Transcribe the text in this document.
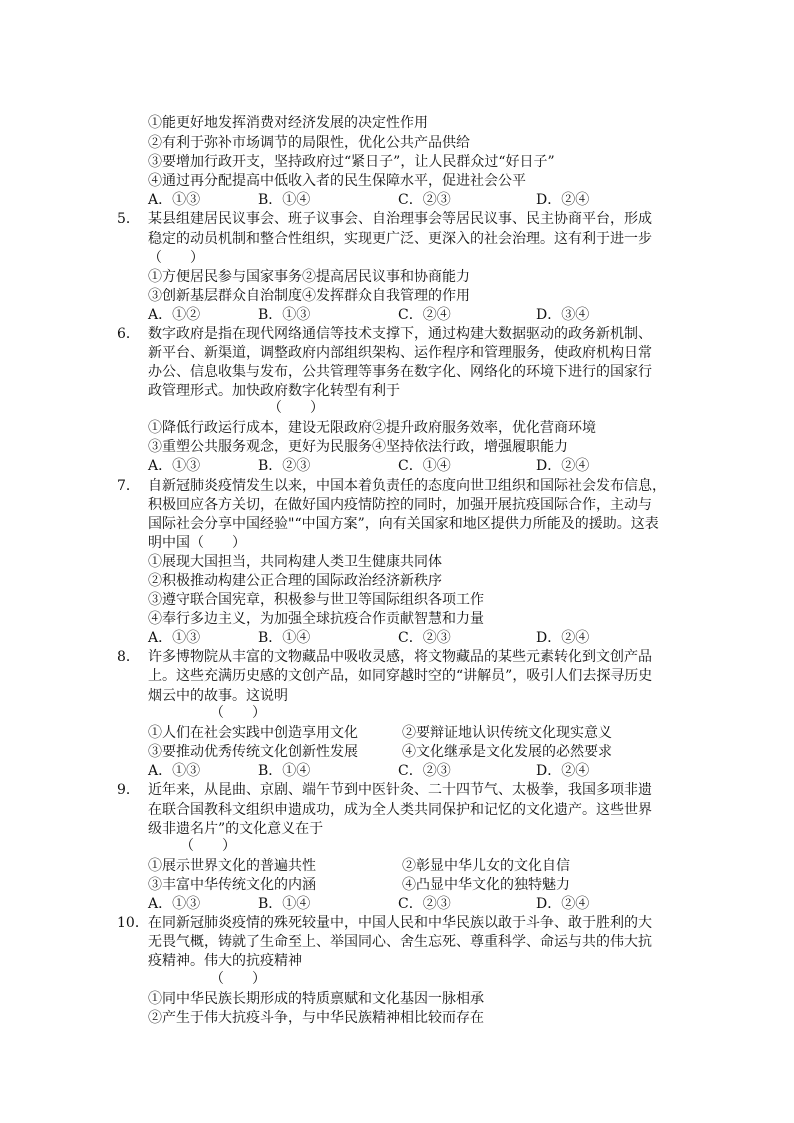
①能更好地发挥消费对经济发展的决定性作用
②有利于弥补市场调节的局限性，优化公共产品供给
③要增加行政开支，坚持政府过“紧日子”，让人民群众过“好日子”
④通过再分配提高中低收入者的民生保障水平，促进社会公平
A．①③	B．①④	C．②③	D．②④
5． 某县组建居民议事会、班子议事会、自治理事会等居民议事、民主协商平台，形成
稳定的动员机制和整合性组织，实现更广泛、更深入的社会治理。这有利于进一步
（　　）
①方便居民参与国家事务②提高居民议事和协商能力
③创新基层群众自治制度④发挥群众自我管理的作用
A．①②	B．①③	C．②④	D．③④
6． 数字政府是指在现代网络通信等技术支撑下，通过构建大数据驱动的政务新机制、
新平台、新渠道，调整政府内部组织架构、运作程序和管理服务，使政府机构日常
办公、信息收集与发布，公共管理等事务在数字化、网络化的环境下进行的国家行
政管理形式。加快政府数字化转型有利于
（　　）
①降低行政运行成本，建设无限政府②提升政府服务效率，优化营商环境
③重塑公共服务观念，更好为民服务④坚持依法行政，增强履职能力
A．①③	B．②③	C．①④	D．②④
7． 自新冠肺炎疫情发生以来，中国本着负责任的态度向世卫组织和国际社会发布信息，
积极回应各方关切，在做好国内疫情防控的同时，加强开展抗疫国际合作，主动与
国际社会分享中国经验"“中国方案”，向有关国家和地区提供力所能及的援助。这表
明中国（　　）
①展现大国担当，共同构建人类卫生健康共同体
②积极推动构建公正合理的国际政治经济新秩序
③遵守联合国宪章，积极参与世卫等国际组织各项工作
④奉行多边主义，为加强全球抗疫合作贡献智慧和力量
A．①③	B．①④	C．②③	D．②④
8． 许多博物院从丰富的文物藏品中吸收灵感，将文物藏品的某些元素转化到文创产品
上。这些充满历史感的文创产品，如同穿越时空的“讲解员”，吸引人们去探寻历史
烟云中的故事。这说明
（　　）
①人们在社会实践中创造享用文化	②要辩证地认识传统文化现实意义
③要推动优秀传统文化创新性发展	④文化继承是文化发展的必然要求
A．①③	B．①④	C．②③	D．②④
9． 近年来，从昆曲、京剧、端午节到中医针灸、二十四节气、太极拳，我国多项非遗
在联合国教科文组织申遗成功，成为全人类共同保护和记忆的文化遗产。这些世界
级非遗名片”的文化意义在于
（　　）
①展示世界文化的普遍共性	②彰显中华儿女的文化自信
③丰富中华传统文化的内涵	④凸显中华文化的独特魅力
A．①③	B．①④	C．②③	D．②④
10． 在同新冠肺炎疫情的殊死较量中，中国人民和中华民族以敢于斗争、敢于胜利的大
无畏气概，铸就了生命至上、举国同心、舍生忘死、尊重科学、命运与共的伟大抗
疫精神。伟大的抗疫精神
（　　）
①同中华民族长期形成的特质禀赋和文化基因一脉相承
②产生于伟大抗疫斗争，与中华民族精神相比较而存在
